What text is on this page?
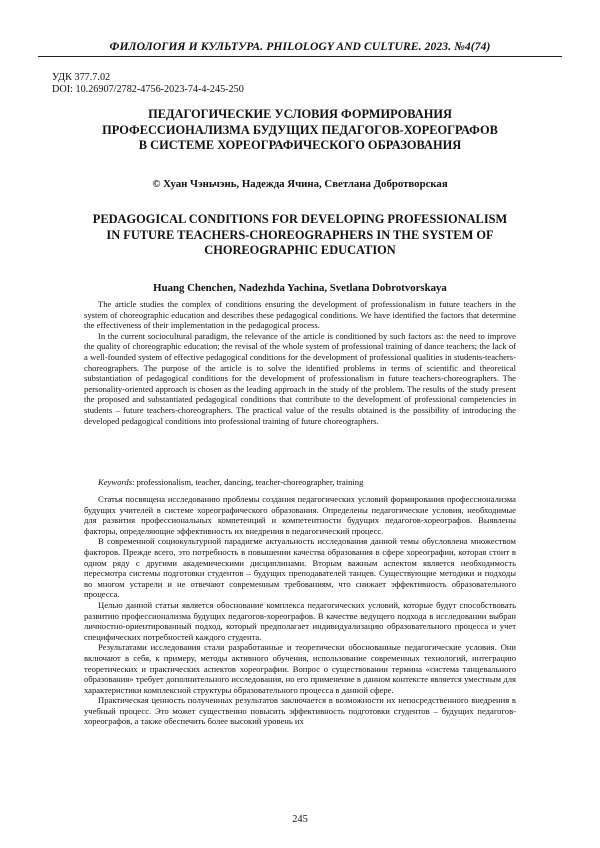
ФИЛОЛОГИЯ И КУЛЬТУРА. PHILOLOGY AND CULTURE. 2023. №4(74)
УДК 377.7.02
DOI: 10.26907/2782-4756-2023-74-4-245-250
ПЕДАГОГИЧЕСКИЕ УСЛОВИЯ ФОРМИРОВАНИЯ
ПРОФЕССИОНАЛИЗМА БУДУЩИХ ПЕДАГОГОВ-ХОРЕОГРАФОВ
В СИСТЕМЕ ХОРЕОГРАФИЧЕСКОГО ОБРАЗОВАНИЯ
© Хуан Чэньчэнь, Надежда Ячина, Светлана Добротворская
PEDAGOGICAL CONDITIONS FOR DEVELOPING PROFESSIONALISM
IN FUTURE TEACHERS-CHOREOGRAPHERS IN THE SYSTEM OF
CHOREOGRAPHIC EDUCATION
Huang Chenchen, Nadezhda Yachina, Svetlana Dobrotvorskaya

The article studies the complex of conditions ensuring the development of professionalism in future teachers in the system of choreographic education and describes these pedagogical conditions. We have identified the factors that determine the effectiveness of their implementation in the pedagogical process.

In the current sociocultural paradigm, the relevance of the article is conditioned by such factors as: the need to improve the quality of choreographic education; the revisal of the whole system of professional training of dance teachers; the lack of a well-founded system of effective pedagogical conditions for the development of professional qualities in students-teachers-choreographers. The purpose of the article is to solve the identified problems in terms of scientific and theoretical substantiation of pedagogical conditions for the development of professionalism in future teachers-choreographers. The personality-oriented approach is chosen as the leading approach in the study of the problem. The results of the study present the proposed and substantiated pedagogical conditions that contribute to the development of professional competencies in students – future teachers-choreographers. The practical value of the results obtained is the possibility of introducing the developed pedagogical conditions into professional training of future choreographers.

Keywords: professionalism, teacher, dancing, teacher-choreographer, training

Статья посвящена исследованию проблемы создания педагогических условий формирования профессионализма будущих учителей в системе хореографического образования. Определены педагогические условия, необходимые для развития профессиональных компетенций и компетентности будущих педагогов-хореографов. Выявлены факторы, определяющие эффективность их внедрения в педагогический процесс.

В современной социокультурной парадигме актуальность исследования данной темы обусловлена множеством факторов. Прежде всего, это потребность в повышении качества образования в сфере хореографии, которая стоит в одном ряду с другими академическими дисциплинами. Вторым важным аспектом является необходимость пересмотра системы подготовки студентов – будущих преподавателей танцев. Существующие методики и подходы во многом устарели и не отвечают современным требованиям, что снижает эффективность образовательного процесса.

Целью данной статьи является обоснование комплекса педагогических условий, которые будут способствовать развитию профессионализма будущих педагогов-хореографов. В качестве ведущего подхода в исследовании выбран личностно-ориентированный подход, который предполагает индивидуализацию образовательного процесса и учет специфических потребностей каждого студента.

Результатами исследования стали разработанные и теоретически обоснованные педагогические условия. Они включают в себя, к примеру, методы активного обучения, использование современных технологий, интеграцию теоретических и практических аспектов хореографии. Вопрос о существовании термина «система танцевального образования» требует дополнительного исследования, но его применение в данном контексте является уместным для характеристики комплексной структуры образовательного процесса в данной сфере.

Практическая ценность полученных результатов заключается в возможности их непосредственного внедрения в учебный процесс. Это может существенно повысить эффективность подготовки студентов – будущих педагогов-хореографов, а также обеспечить более высокий уровень их

245
